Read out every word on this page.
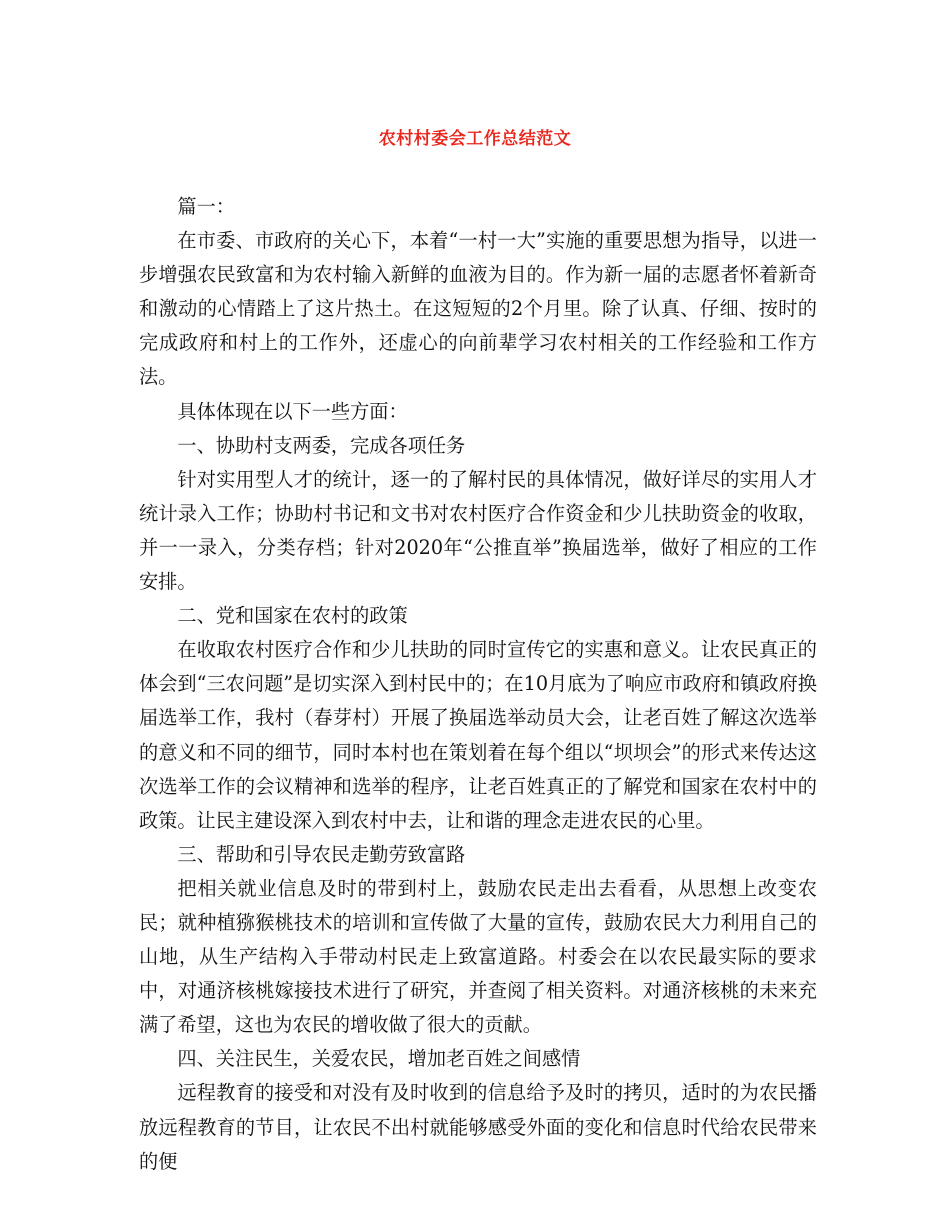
农村村委会工作总结范文

篇一：

在市委、市政府的关心下，本着“一村一大”实施的重要思想为指导，以进一步增强农民致富和为农村输入新鲜的血液为目的。作为新一届的志愿者怀着新奇和激动的心情踏上了这片热土。在这短短的2个月里。除了认真、仔细、按时的完成政府和村上的工作外，还虚心的向前辈学习农村相关的工作经验和工作方法。

具体体现在以下一些方面：

一、协助村支两委，完成各项任务

针对实用型人才的统计，逐一的了解村民的具体情况，做好详尽的实用人才统计录入工作；协助村书记和文书对农村医疗合作资金和少儿扶助资金的收取，并一一录入，分类存档；针对2020年“公推直举”换届选举，做好了相应的工作安排。

二、党和国家在农村的政策

在收取农村医疗合作和少儿扶助的同时宣传它的实惠和意义。让农民真正的体会到“三农问题”是切实深入到村民中的；在10月底为了响应市政府和镇政府换届选举工作，我村（春芽村）开展了换届选举动员大会，让老百姓了解这次选举的意义和不同的细节，同时本村也在策划着在每个组以“坝坝会”的形式来传达这次选举工作的会议精神和选举的程序，让老百姓真正的了解党和国家在农村中的政策。让民主建设深入到农村中去，让和谐的理念走进农民的心里。

三、帮助和引导农民走勤劳致富路

把相关就业信息及时的带到村上，鼓励农民走出去看看，从思想上改变农民；就种植猕猴桃技术的培训和宣传做了大量的宣传，鼓励农民大力利用自己的山地，从生产结构入手带动村民走上致富道路。村委会在以农民最实际的要求中，对通济核桃嫁接技术进行了研究，并查阅了相关资料。对通济核桃的未来充满了希望，这也为农民的增收做了很大的贡献。

四、关注民生，关爱农民，增加老百姓之间感情

远程教育的接受和对没有及时收到的信息给予及时的拷贝，适时的为农民播放远程教育的节目，让农民不出村就能够感受外面的变化和信息时代给农民带来的便
